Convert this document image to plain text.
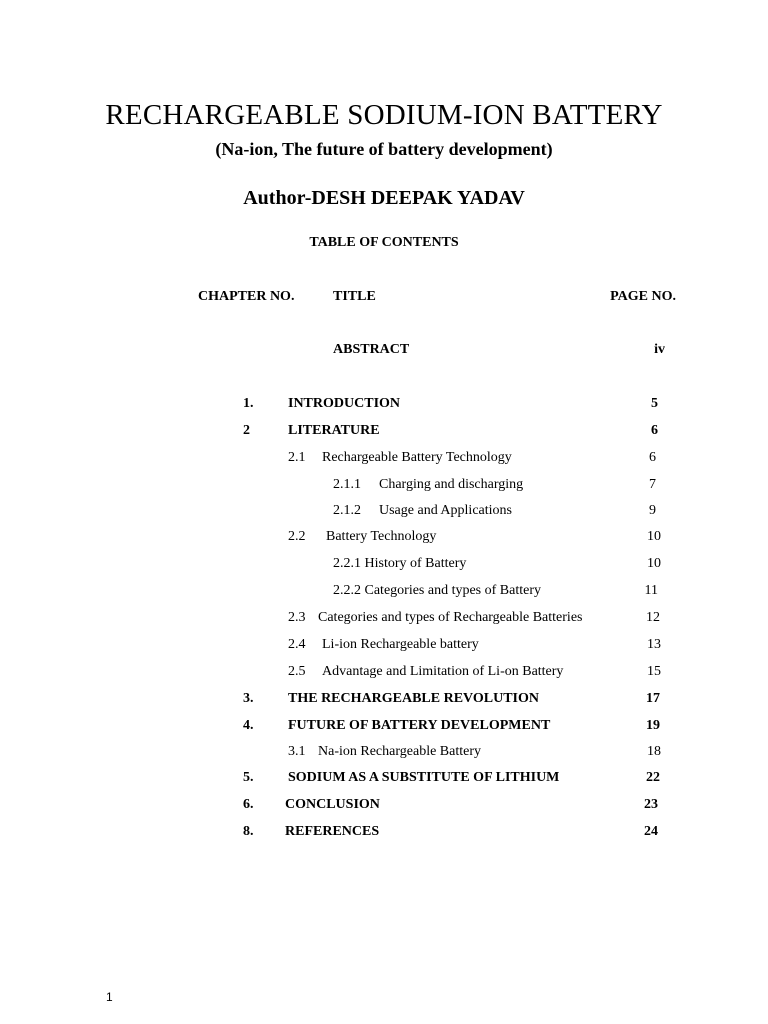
RECHARGEABLE SODIUM-ION BATTERY
(Na-ion, The future of battery development)
Author-DESH DEEPAK YADAV
TABLE OF CONTENTS
CHAPTER NO.	TITLE	PAGE NO.
ABSTRACT	iv
1. INTRODUCTION	5
2	LITERATURE	6
2.1 Rechargeable Battery Technology	6
2.1.1 Charging and discharging	7
2.1.2 Usage and Applications	9
2.2 Battery Technology	10
2.2.1 History of Battery	10
2.2.2 Categories and types of Battery	11
2.3 Categories and types of Rechargeable Batteries	12
2.4 Li-ion Rechargeable battery	13
2.5 Advantage and Limitation of Li-on Battery	15
3. THE RECHARGEABLE REVOLUTION	17
4. FUTURE OF BATTERY DEVELOPMENT	19
3.1 Na-ion Rechargeable Battery	18
5. SODIUM AS A SUBSTITUTE OF LITHIUM	22
6. CONCLUSION	23
8. REFERENCES	24
1
